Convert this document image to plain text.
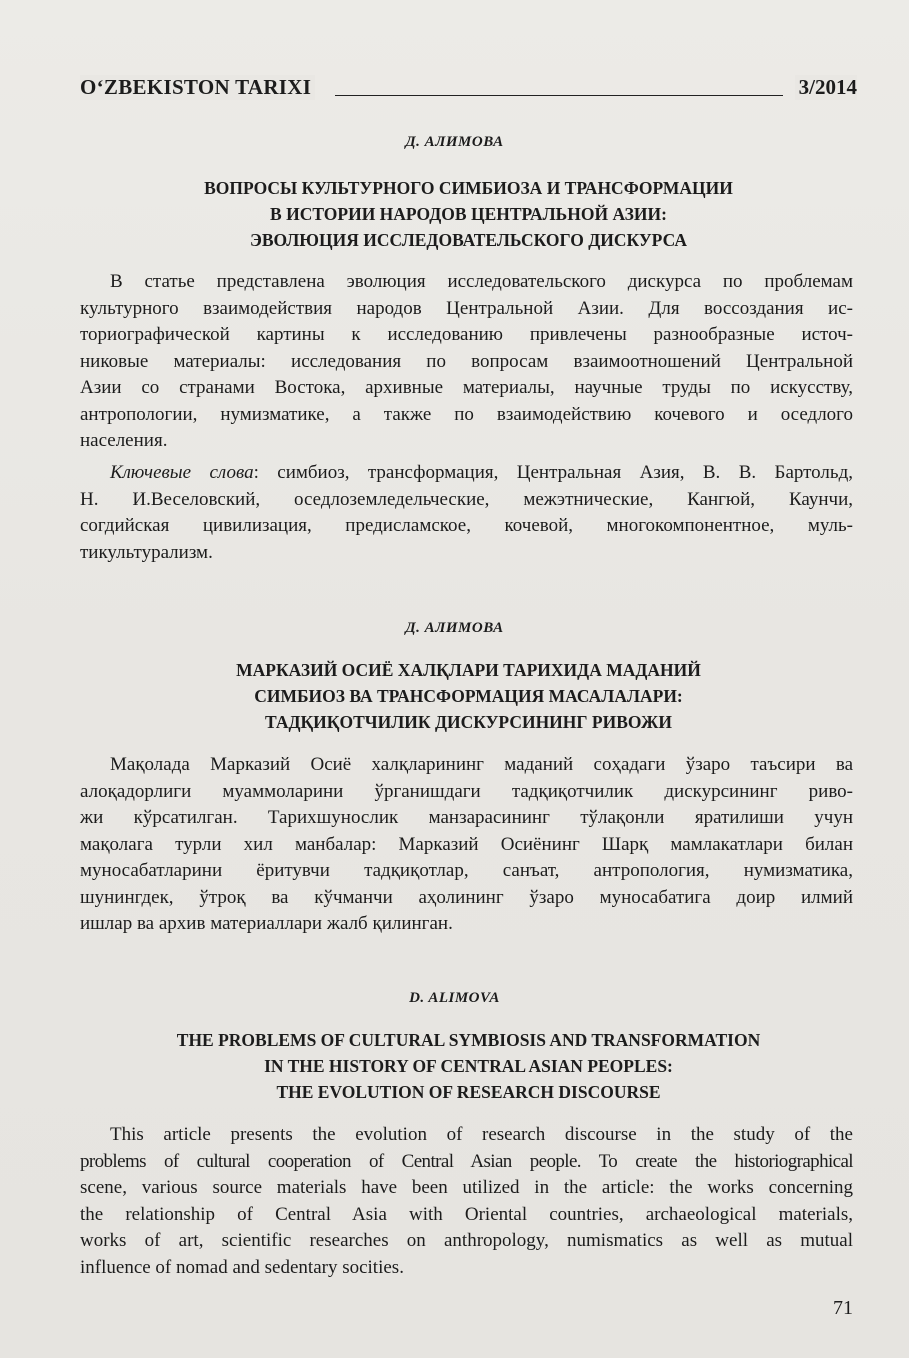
O‘ZBEKISTON TARIXI	3/2014
Д. АЛИМОВА
ВОПРОСЫ КУЛЬТУРНОГО СИМБИОЗА И ТРАНСФОРМАЦИИ
В ИСТОРИИ НАРОДОВ ЦЕНТРАЛЬНОЙ АЗИИ:
ЭВОЛЮЦИЯ ИССЛЕДОВАТЕЛЬСКОГО ДИСКУРСА
В статье представлена эволюция исследовательского дискурса по проблемам
культурного взаимодействия народов Центральной Азии. Для воссоздания ис-
ториографической картины к исследованию привлечены разнообразные источ-
никовые материалы: исследования по вопросам взаимоотношений Центральной
Азии со странами Востока, архивные материалы, научные труды по искусству,
антропологии, нумизматике, а также по взаимодействию кочевого и оседлого
населения.
Ключевые слова: симбиоз, трансформация, Центральная Азия, В. В. Бартольд,
Н. И.Веселовский, оседлоземледельческие, межэтнические, Кангюй, Каунчи,
согдийская цивилизация, предисламское, кочевой, многокомпонентное, муль-
тикультурализм.
Д. АЛИМОВА
МАРКАЗИЙ ОСИЁ ХАЛҚЛАРИ ТАРИХИДА МАДАНИЙ
СИМБИОЗ ВА ТРАНСФОРМАЦИЯ МАСАЛАЛАРИ:
ТАДҚИҚОТЧИЛИК ДИСКУРСИНИНГ РИВОЖИ
Мақолада Марказий Осиё халқларининг маданий соҳадаги ўзаро таъсири ва
алоқадорлиги муаммоларини ўрганишдаги тадқиқотчилик дискурсининг риво-
жи кўрсатилган. Тарихшунослик манзарасининг тўлақонли яратилиши учун
мақолага турли хил манбалар: Марказий Осиёнинг Шарқ мамлакатлари билан
муносабатларини ёритувчи тадқиқотлар, санъат, антропология, нумизматика,
шунингдек, ўтроқ ва кўчманчи аҳолининг ўзаро муносабатига доир илмий
ишлар ва архив материаллари жалб қилинган.
D. ALIMOVA
THE PROBLEMS OF CULTURAL SYMBIOSIS AND TRANSFORMATION
IN THE HISTORY OF CENTRAL ASIAN PEOPLES:
THE EVOLUTION OF RESEARCH DISCOURSE
This article presents the evolution of research discourse in the study of the
problems of cultural cooperation of Central Asian people. To create the historiographical
scene, various source materials have been utilized in the article: the works concerning
the relationship of Central Asia with Oriental countries, archaeological materials,
works of art, scientific researches on anthropology, numismatics as well as mutual
influence of nomad and sedentary socities.
71
